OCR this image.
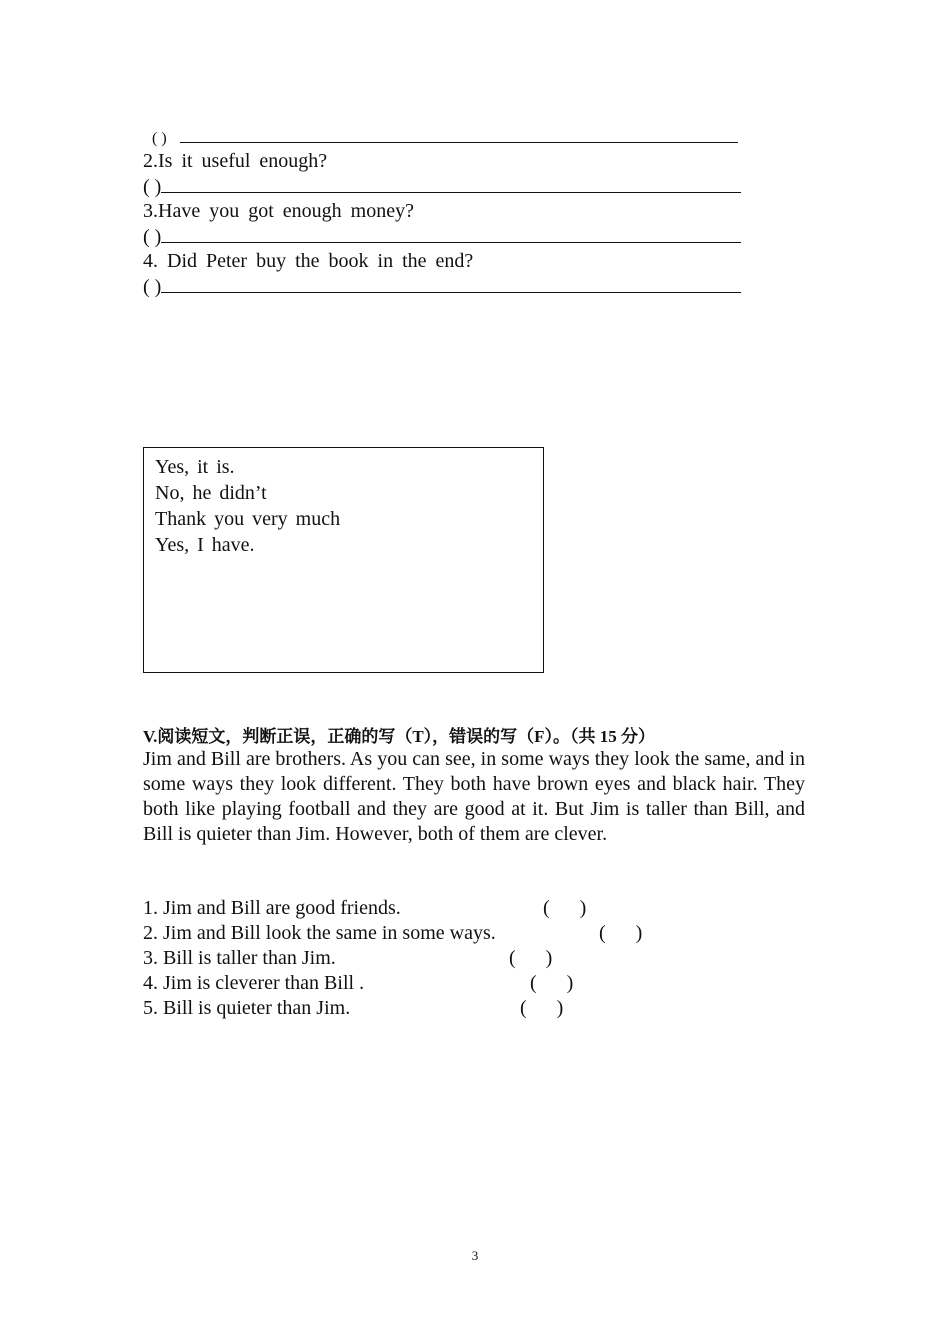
( )
2.Is it useful enough?
( )
3.Have you got enough money?
( )
4. Did Peter buy the book in the end?
( )
Yes, it is.
No, he didn’t
Thank you very much
Yes, I have.
V.阅读短文，判断正误，正确的写（T），错误的写（F）。（共 15 分）
Jim and Bill are brothers. As you can see, in some ways they look the same, and in some ways they look different. They both have brown eyes and black hair. They both like playing football and they are good at it. But Jim is taller than Bill, and Bill is quieter than Jim. However, both of them are clever.
1. Jim and Bill are good friends.	(      )
2. Jim and Bill look the same in some ways.	(      )
3. Bill is taller than Jim.	(      )
4. Jim is cleverer than Bill .	(      )
5. Bill is quieter than Jim.	(      )
3
